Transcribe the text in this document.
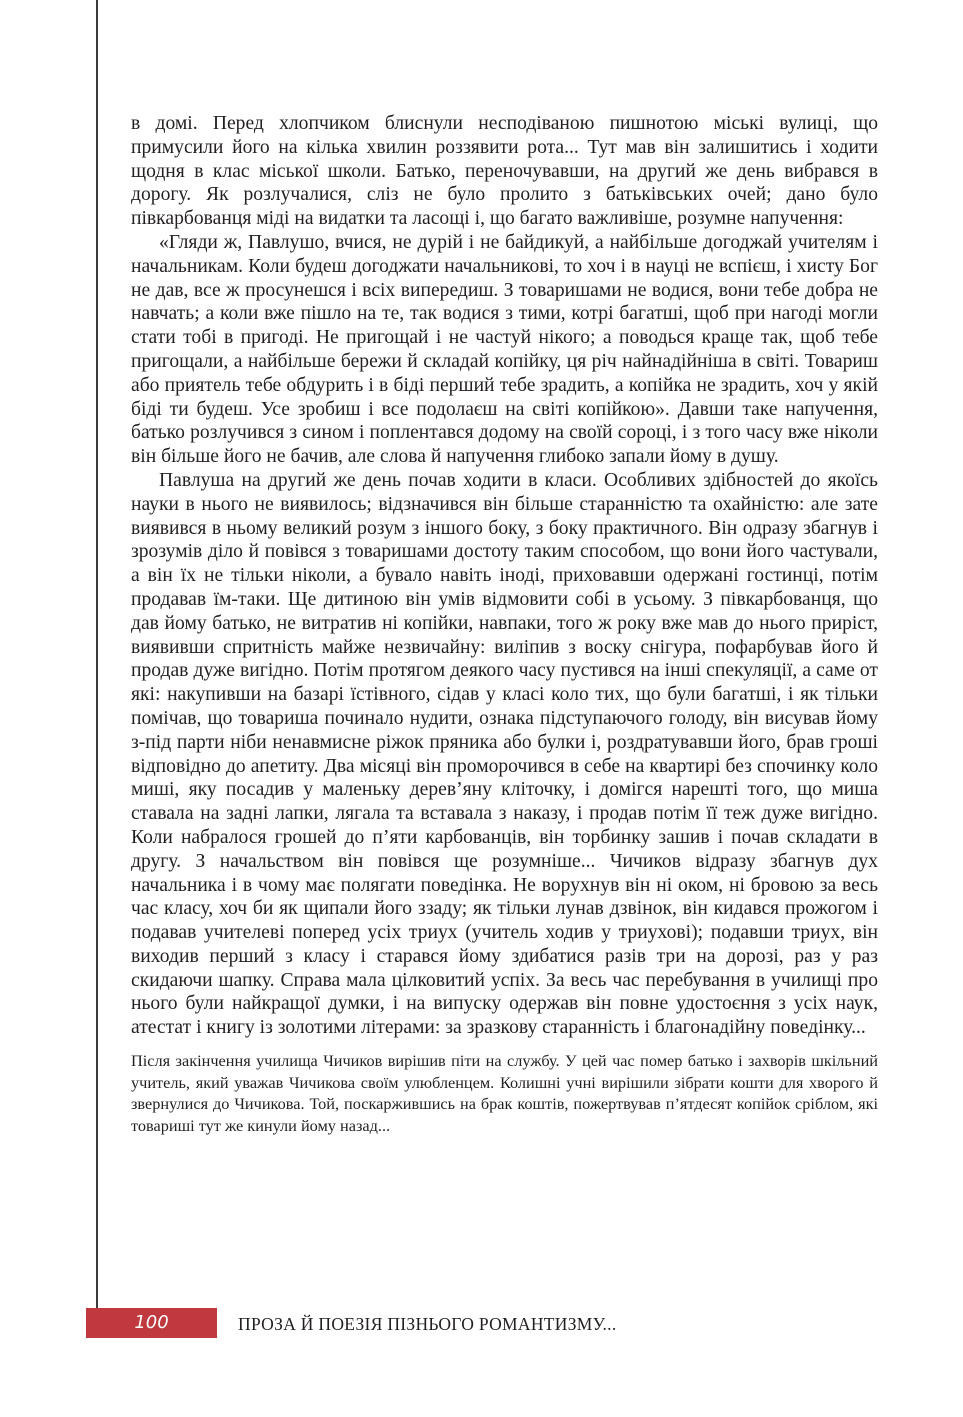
в домі. Перед хлопчиком блиснули несподіваною пишнотою міські вулиці, що примусили його на кілька хвилин роззявити рота... Тут мав він залишитись і ходити щодня в клас міської школи. Батько, переночувавши, на другий же день вибрався в дорогу. Як розлучалися, сліз не було пролито з батьківських очей; дано було півкарбованця міді на видатки та ласощі і, що багато важливіше, розумне напучення:

«Гляди ж, Павлушо, вчися, не дурій і не байдикуй, а найбільше догоджай учителям і начальникам. Коли будеш догоджати начальникові, то хоч і в науці не вспієш, і хисту Бог не дав, все ж просунешся і всіх випередиш. З товаришами не водися, вони тебе добра не навчать; а коли вже пішло на те, так водися з тими, котрі багатші, щоб при нагоді могли стати тобі в пригоді. Не пригощай і не частуй нікого; а поводься краще так, щоб тебе пригощали, а найбільше бережи й складай копійку, ця річ найнадійніша в світі. Товариш або приятель тебе обдурить і в біді перший тебе зрадить, а копійка не зрадить, хоч у якій біді ти будеш. Усе зробиш і все подолаєш на світі копійкою». Давши таке напучення, батько розлучився з сином і поплентався додому на своїй сороці, і з того часу вже ніколи він більше його не бачив, але слова й напучення глибоко запали йому в душу.

Павлуша на другий же день почав ходити в класи. Особливих здібностей до якоїсь науки в нього не виявилось; відзначився він більше старанністю та охайністю: але зате виявився в ньому великий розум з іншого боку, з боку практичного. Він одразу збагнув і зрозумів діло й повівся з товаришами достоту таким способом, що вони його частували, а він їх не тільки ніколи, а бувало навіть іноді, приховавши одержані гостинці, потім продавав їм-таки. Ще дитиною він умів відмовити собі в усьому. З півкарбованця, що дав йому батько, не витратив ні копійки, навпаки, того ж року вже мав до нього приріст, виявивши спритність майже незвичайну: виліпив з воску снігура, пофарбував його й продав дуже вигідно. Потім протягом деякого часу пустився на інші спекуляції, а саме от які: накупивши на базарі їстівного, сідав у класі коло тих, що були багатші, і як тільки помічав, що товариша починало нудити, ознака підступаючого голоду, він висував йому з-під парти ніби ненавмисне ріжок пряника або булки і, роздратувавши його, брав гроші відповідно до апетиту. Два місяці він проморочився в себе на квартирі без спочинку коло миші, яку посадив у маленьку дерев’яну кліточку, і домігся нарешті того, що миша ставала на задні лапки, лягала та вставала з наказу, і продав потім її теж дуже вигідно. Коли набралося грошей до п’яти карбованців, він торбинку зашив і почав складати в другу. З начальством він повівся ще розумніше... Чичиков відразу збагнув дух начальника і в чому має полягати поведінка. Не ворухнув він ні оком, ні бровою за весь час класу, хоч би як щипали його ззаду; як тільки лунав дзвінок, він кидався прожогом і подавав учителеві поперед усіх триух (учитель ходив у триухові); подавши триух, він виходив перший з класу і старався йому здибатися разів три на дорозі, раз у раз скидаючи шапку. Справа мала цілковитий успіх. За весь час перебування в училищі про нього були найкращої думки, і на випуску одержав він повне удостоєння з усіх наук, атестат і книгу із золотими літерами: за зразкову старанність і благонадійну поведінку...

Після закінчення училища Чичиков вирішив піти на службу. У цей час помер батько і захворів шкільний учитель, який уважав Чичикова своїм улюбленцем. Колишні учні вирішили зібрати кошти для хворого й звернулися до Чичикова. Той, поскаржившись на брак коштів, пожертвував п’ятдесят копійок сріблом, які товариші тут же кинули йому назад...

100	ПРОЗА Й ПОЕЗІЯ ПІЗНЬОГО РОМАНТИЗМУ...
